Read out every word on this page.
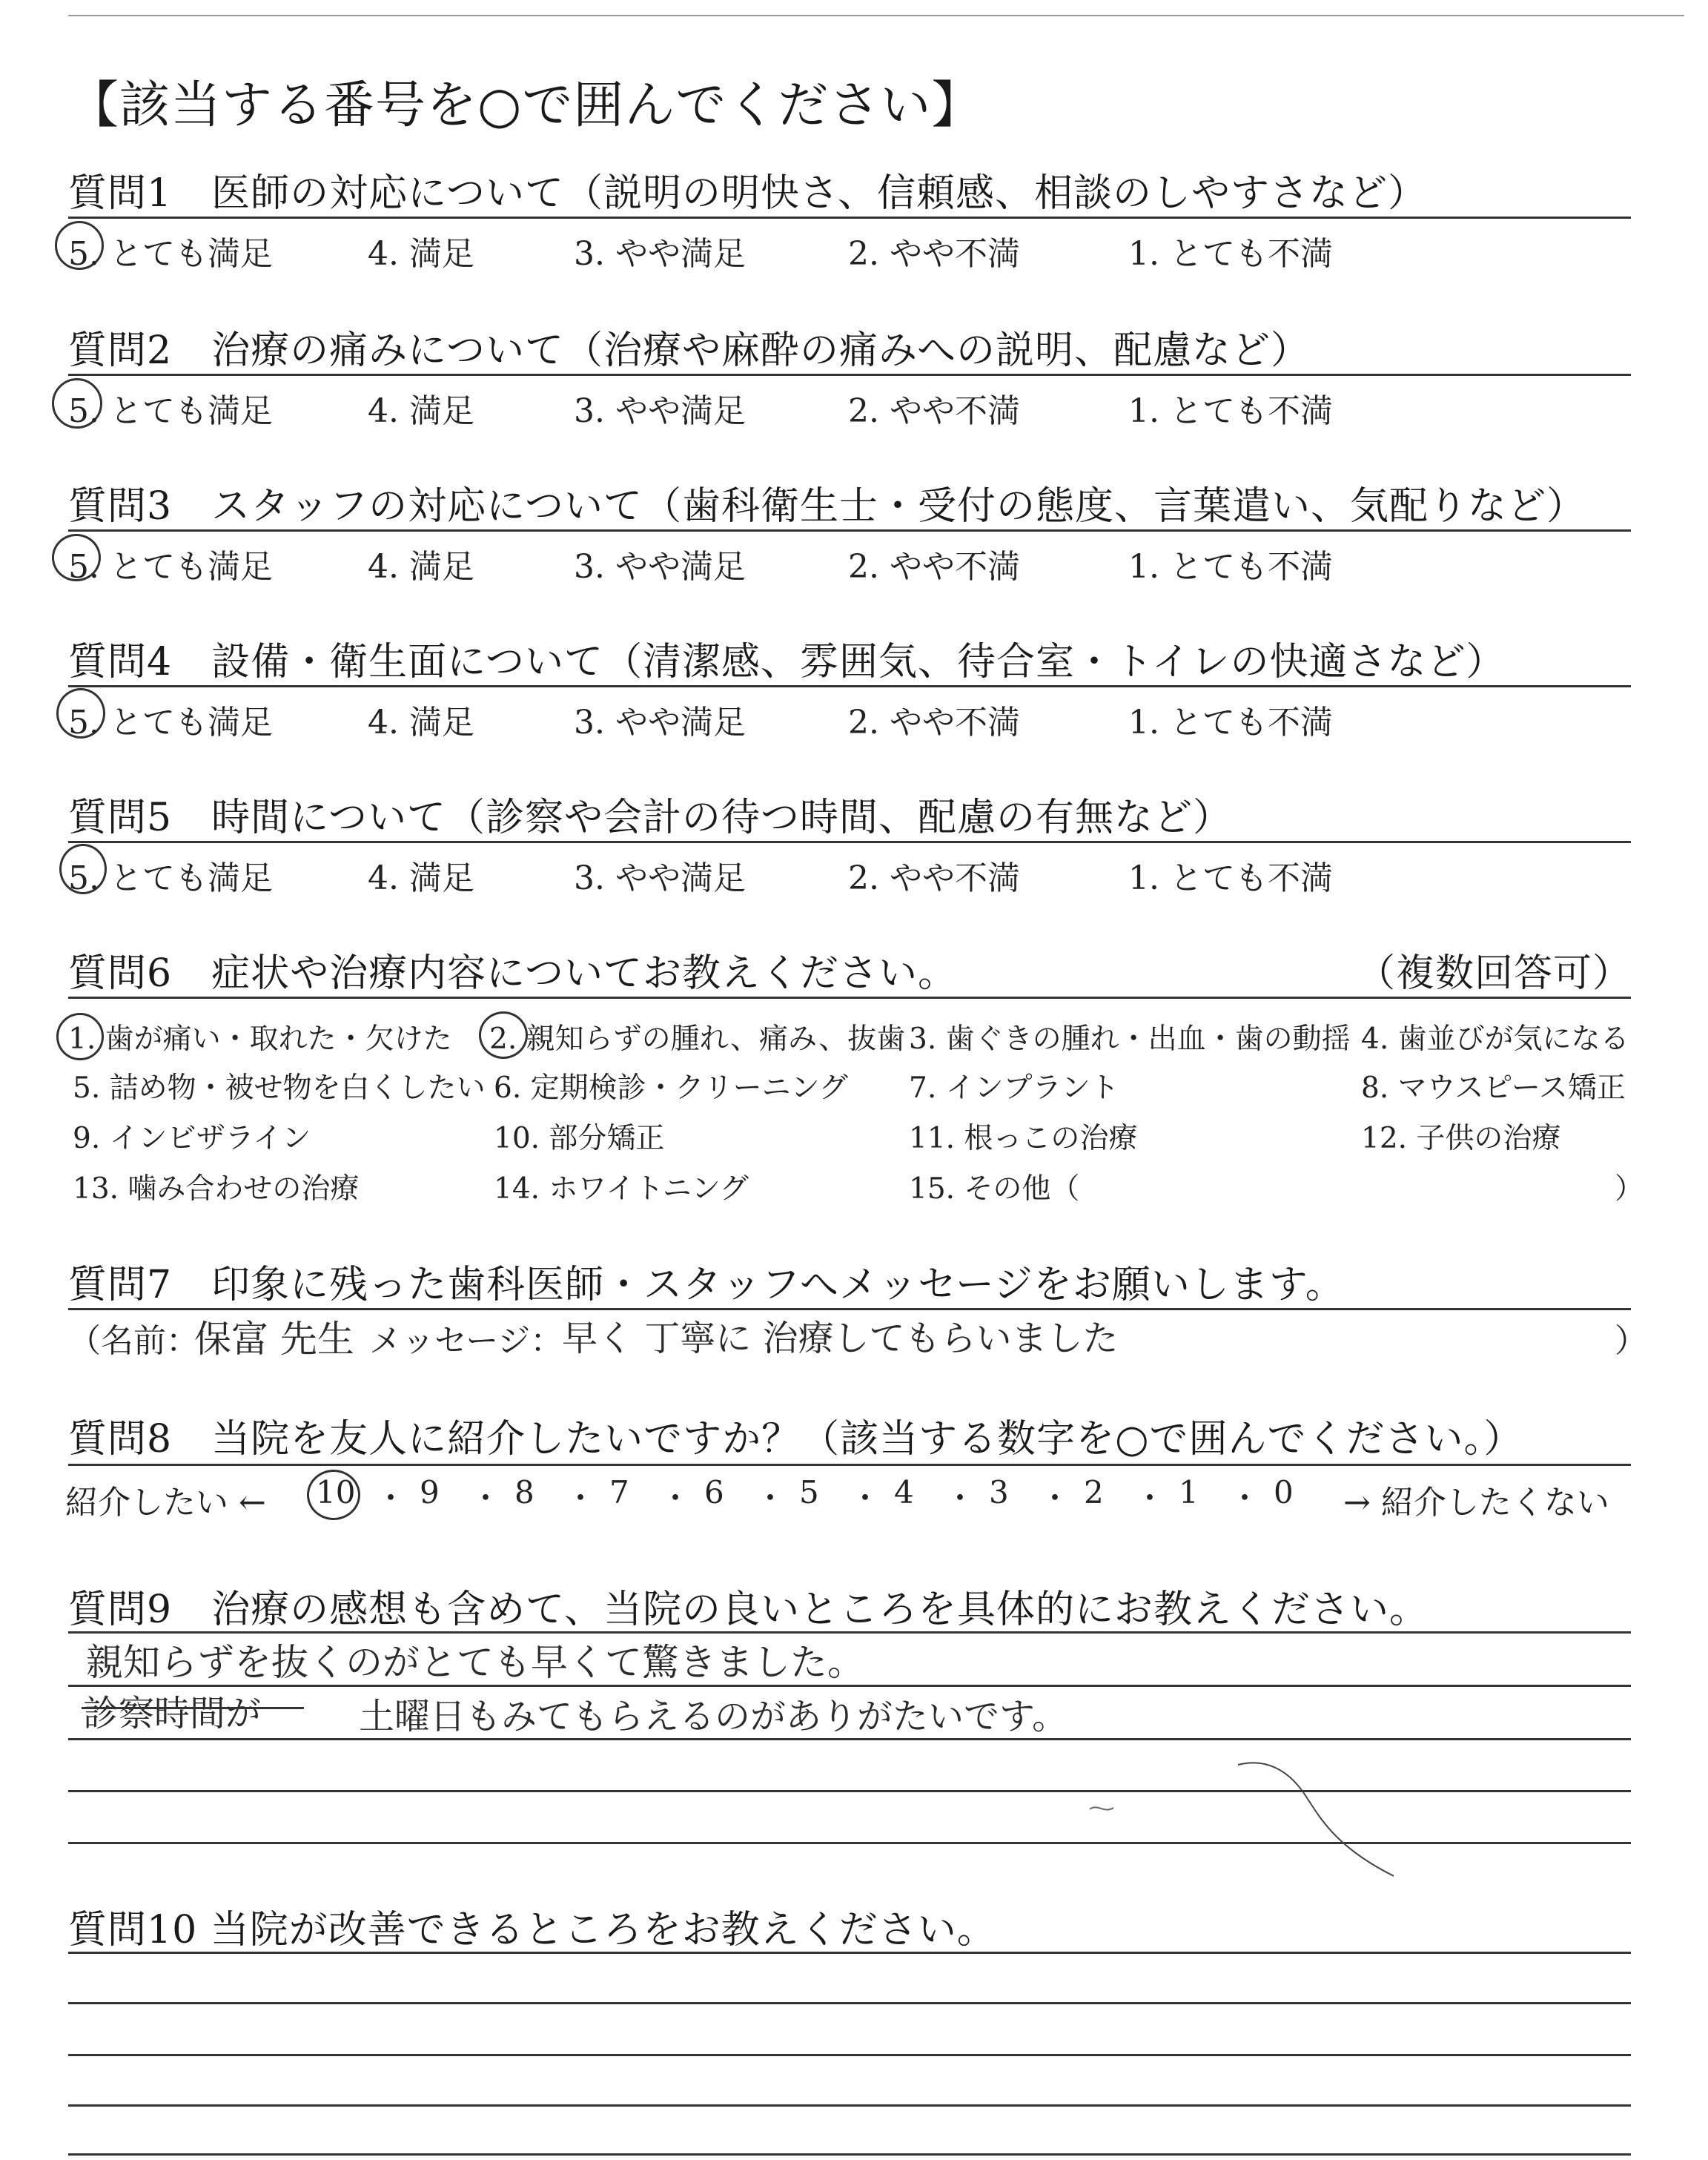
【該当する番号を○で囲んでください】
質問1　医師の対応について（説明の明快さ、信頼感、相談のしやすさなど）
5. とても満足	4. 満足	3. やや満足	2. やや不満	1. とても不満
質問2　治療の痛みについて（治療や麻酔の痛みへの説明、配慮など）
5. とても満足	4. 満足	3. やや満足	2. やや不満	1. とても不満
質問3　スタッフの対応について（歯科衛生士・受付の態度、言葉遣い、気配りなど）
5. とても満足	4. 満足	3. やや満足	2. やや不満	1. とても不満
質問4　設備・衛生面について（清潔感、雰囲気、待合室・トイレの快適さなど）
5. とても満足	4. 満足	3. やや満足	2. やや不満	1. とても不満
質問5　時間について（診察や会計の待つ時間、配慮の有無など）
5. とても満足	4. 満足	3. やや満足	2. やや不満	1. とても不満
質問6　症状や治療内容についてお教えください。	（複数回答可）
1. 歯が痛い・取れた・欠けた 2. 親知らずの腫れ、痛み、抜歯 3. 歯ぐきの腫れ・出血・歯の動揺 4. 歯並びが気になる
5. 詰め物・被せ物を白くしたい 6. 定期検診・クリーニング 7. インプラント	8. マウスピース矯正
9. インビザライン	10. 部分矯正	11. 根っこの治療	12. 子供の治療
13. 噛み合わせの治療	14. ホワイトニング	15. その他（	）
質問7　印象に残った歯科医師・スタッフへメッセージをお願いします。
（名前：
保富 先生 メッセージ：
早く 丁寧に 治療してもらいました	）
質問8　当院を友人に紹介したいですか？（該当する数字を○で囲んでください。）
紹介したい ←	→ 紹介したくない
10 ・ 9 ・ 8 ・ 7 ・ 6 ・ 5 ・ 4 ・ 3 ・ 2 ・ 1 ・ 0
質問9　治療の感想も含めて、当院の良いところを具体的にお教えください。
親知らずを抜くのがとても早くて驚きました。
診察時間が	土曜日もみてもらえるのがありがたいです。
質問10 当院が改善できるところをお教えください。
